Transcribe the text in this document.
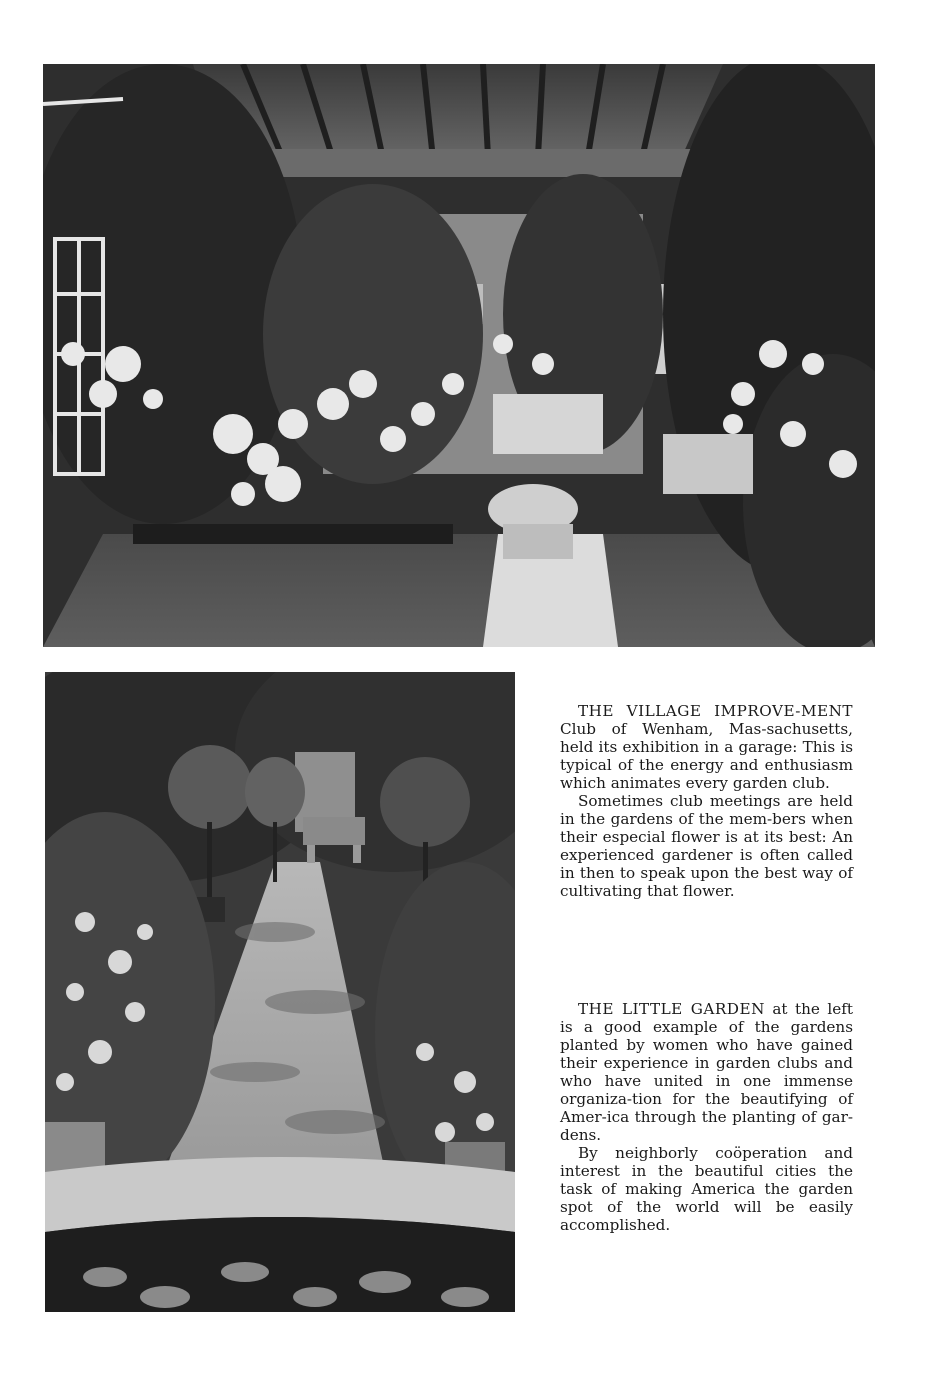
THE VILLAGE IMPROVE-MENT Club of Wenham, Mas-sachusetts, held its exhibition in a garage: This is typical of the energy and enthusiasm which animates every garden club.

Sometimes club meetings are held in the gardens of the mem-bers when their especial flower is at its best: An experienced gardener is often called in then to speak upon the best way of cultivating that flower.

THE LITTLE GARDEN at the left is a good example of the gardens planted by women who have gained their experience in garden clubs and who have united in one immense organiza-tion for the beautifying of Amer-ica through the planting of gar-dens.

By neighborly coöperation and interest in the beautiful cities the task of making America the garden spot of the world will be easily accomplished.
